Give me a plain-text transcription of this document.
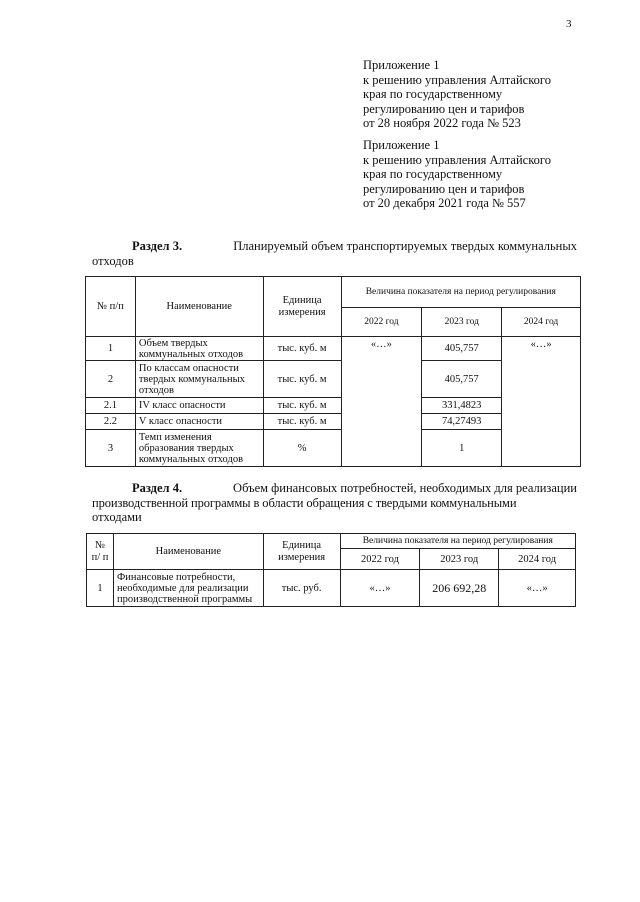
3
Приложение 1
к решению управления Алтайского
края по государственному
регулированию цен и тарифов
от 28 ноября 2022 года № 523
Приложение 1
к решению управления Алтайского
края по государственному
регулированию цен и тарифов
от 20 декабря 2021 года № 557
Раздел 3.	Планируемый объем транспортируемых твердых коммунальных
отходов
№ п/п	Наименование	Единица измерения	Величина показателя на период регулирования		
			2022 год	2023 год	2024 год
1	Объем твердых коммунальных отходов	тыс. куб. м	«…»	405,757	«…»
2	По классам опасности твердых коммунальных отходов	тыс. куб. м		405,757	
2.1	IV класс опасности	тыс. куб. м		331,4823	
2.2	V класс опасности	тыс. куб. м		74,27493	
3	Темп изменения образования твердых коммунальных отходов	%		1	
Раздел 4.	Объем финансовых потребностей, необходимых для реализации
производственной программы в области обращения с твердыми коммунальными
отходами
№ п/ п	Наименование	Единица измерения	Величина показателя на период регулирования		
			2022 год	2023 год	2024 год
1	Финансовые потребности, необходимые для реализации производственной программы	тыс. руб.	«…»	206 692,28	«…»
